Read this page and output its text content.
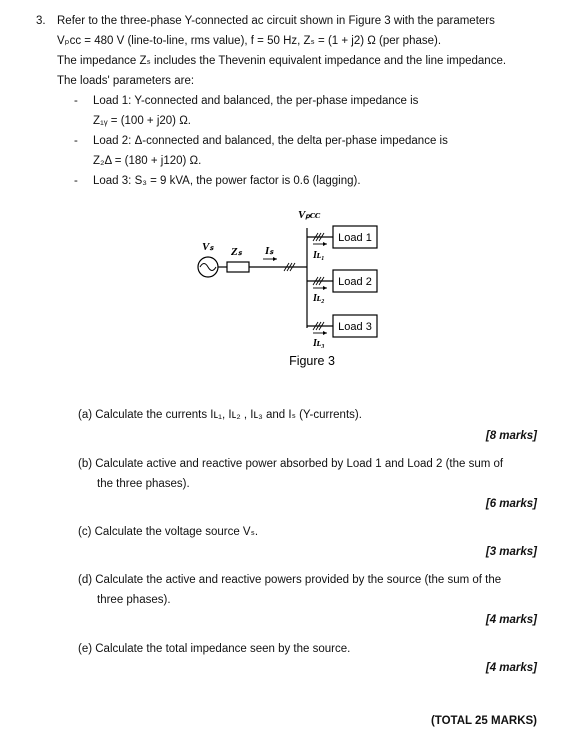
3. Refer to the three-phase Y-connected ac circuit shown in Figure 3 with the parameters
Vₚᴄᴄ = 480 V (line-to-line, rms value), f = 50 Hz, Zₛ = (1 + j2) Ω (per phase).
The impedance Zₛ includes the Thevenin equivalent impedance and the line impedance.
The loads' parameters are:
- Load 1: Y-connected and balanced, the per-phase impedance is
Z₁ᵧ = (100 + j20) Ω.
- Load 2: Δ-connected and balanced, the delta per-phase impedance is
Z₂Δ = (180 + j120) Ω.
- Load 3: S₃ = 9 kVA, the power factor is 0.6 (lagging).
Vₚᴄᴄ
Vₛ Zₛ Iₛ	Iʟ₁
Load 1
Iʟ₂
Load 2
Iʟ₃
Load 3
Figure 3
(a) Calculate the currents Iʟ₁, Iʟ₂ , Iʟ₃ and Iₛ (Y-currents).
[8 marks]
(b) Calculate active and reactive power absorbed by Load 1 and Load 2 (the sum of
the three phases).
[6 marks]
(c) Calculate the voltage source Vₛ.
[3 marks]
(d) Calculate the active and reactive powers provided by the source (the sum of the
three phases).
[4 marks]
(e) Calculate the total impedance seen by the source.
[4 marks]
(TOTAL 25 MARKS)
